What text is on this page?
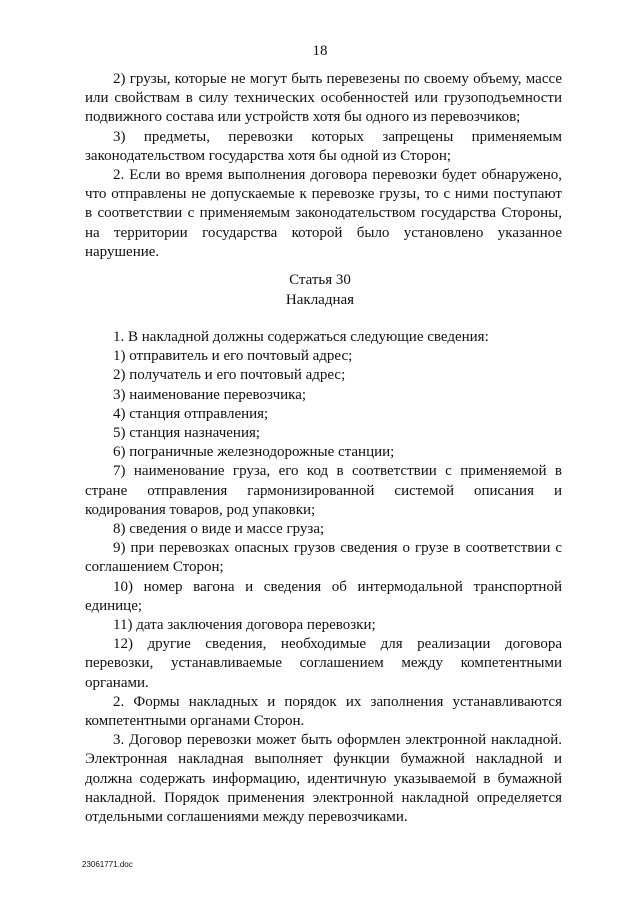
18

2) грузы, которые не могут быть перевезены по своему объему, массе или свойствам в силу технических особенностей или грузоподъемности подвижного состава или устройств хотя бы одного из перевозчиков;

3) предметы, перевозки которых запрещены применяемым законодательством государства хотя бы одной из Сторон;

2. Если во время выполнения договора перевозки будет обнаружено, что отправлены не допускаемые к перевозке грузы, то с ними поступают в соответствии с применяемым законодательством государства Стороны, на территории государства которой было установлено указанное нарушение.

Статья 30
Накладная

1. В накладной должны содержаться следующие сведения:

1) отправитель и его почтовый адрес;

2) получатель и его почтовый адрес;

3) наименование перевозчика;

4) станция отправления;

5) станция назначения;

6) пограничные железнодорожные станции;

7) наименование груза, его код в соответствии с применяемой в стране отправления гармонизированной системой описания и кодирования товаров, род упаковки;

8) сведения о виде и массе груза;

9) при перевозках опасных грузов сведения о грузе в соответствии с соглашением Сторон;

10) номер вагона и сведения об интермодальной транспортной единице;

11) дата заключения договора перевозки;

12) другие сведения, необходимые для реализации договора перевозки, устанавливаемые соглашением между компетентными органами.

2. Формы накладных и порядок их заполнения устанавливаются компетентными органами Сторон.

3. Договор перевозки может быть оформлен электронной накладной. Электронная накладная выполняет функции бумажной накладной и должна содержать информацию, идентичную указываемой в бумажной накладной. Порядок применения электронной накладной определяется отдельными соглашениями между перевозчиками.

23061771.doc
